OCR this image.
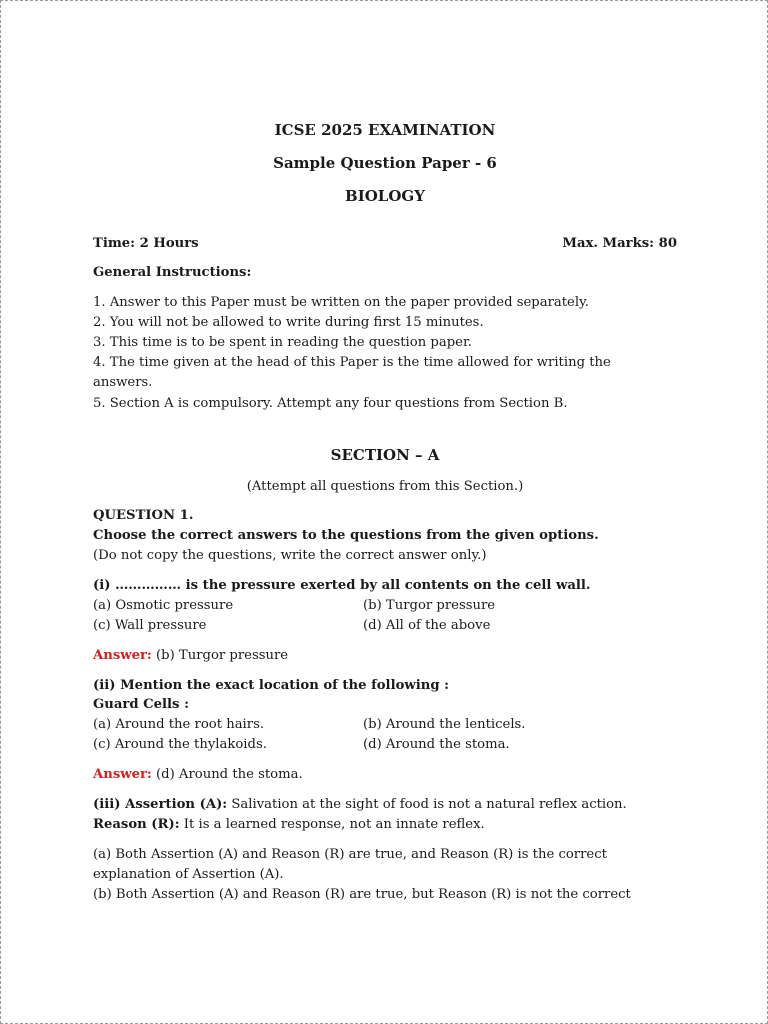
ICSE 2025 EXAMINATION
Sample Question Paper - 6
BIOLOGY
Time: 2 Hours	Max. Marks: 80
General Instructions:
1. Answer to this Paper must be written on the paper provided separately.
2. You will not be allowed to write during first 15 minutes.
3. This time is to be spent in reading the question paper.
4. The time given at the head of this Paper is the time allowed for writing the
answers.
5. Section A is compulsory. Attempt any four questions from Section B.
SECTION – A
(Attempt all questions from this Section.)
QUESTION 1.
Choose the correct answers to the questions from the given options.
(Do not copy the questions, write the correct answer only.)
(i) …………… is the pressure exerted by all contents on the cell wall.
(a) Osmotic pressure	(b) Turgor pressure
(c) Wall pressure	(d) All of the above
Answer: (b) Turgor pressure
(ii) Mention the exact location of the following :
Guard Cells :
(a) Around the root hairs.	(b) Around the lenticels.
(c) Around the thylakoids.	(d) Around the stoma.
Answer: (d) Around the stoma.
(iii) Assertion (A): Salivation at the sight of food is not a natural reflex action.
Reason (R): It is a learned response, not an innate reflex.
(a) Both Assertion (A) and Reason (R) are true, and Reason (R) is the correct
explanation of Assertion (A).
(b) Both Assertion (A) and Reason (R) are true, but Reason (R) is not the correct
